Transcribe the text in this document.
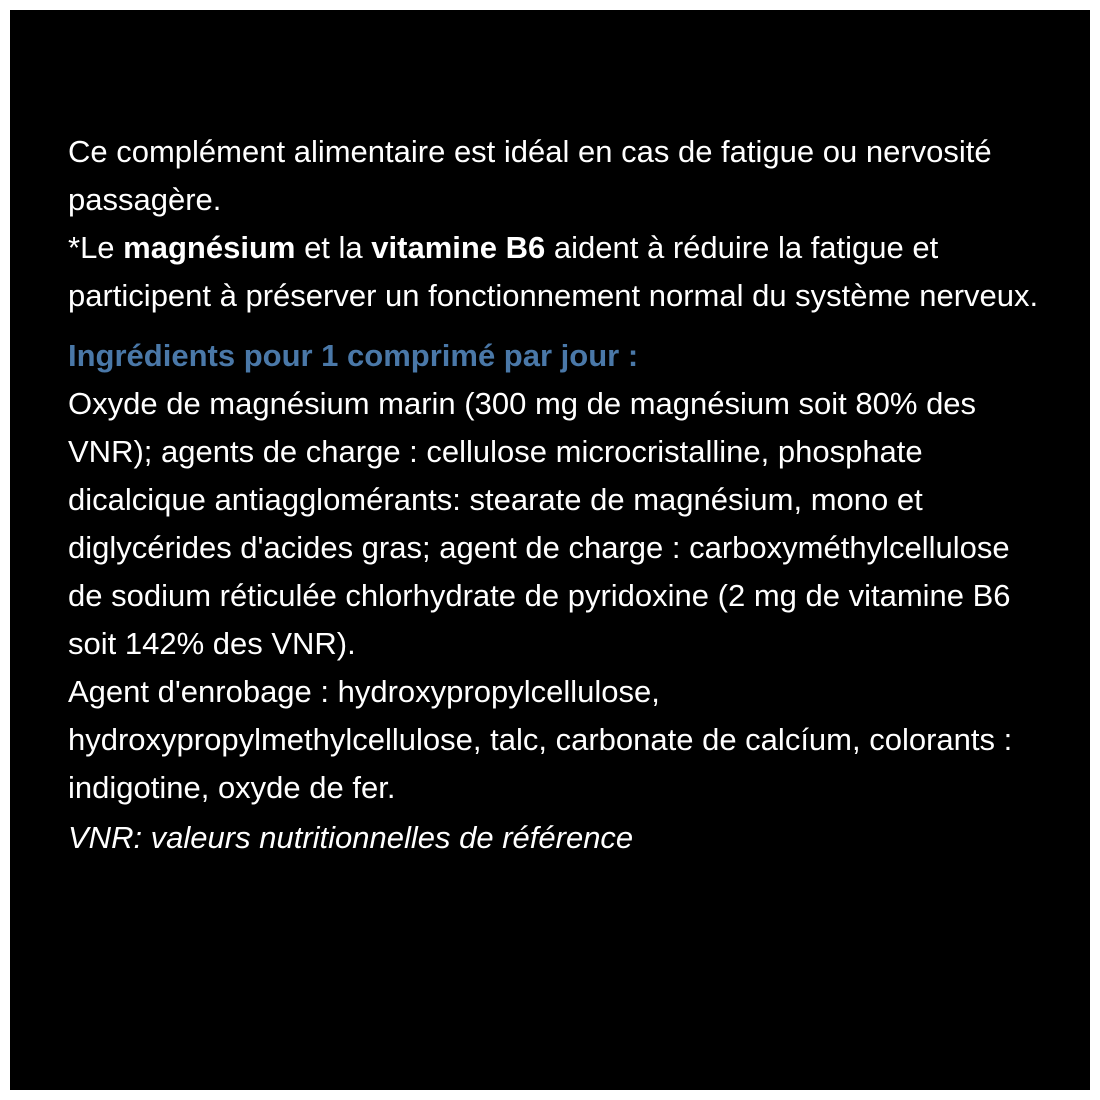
Ce complément alimentaire est idéal en cas de fatigue ou nervosité passagère.

*Le magnésium et la vitamine B6 aident à réduire la fatigue et participent à préserver un fonctionnement normal du système nerveux.

Ingrédients pour 1 comprimé par jour :

Oxyde de magnésium marin (300 mg de magnésium soit 80% des VNR); agents de charge : cellulose microcristalline, phosphate dicalcique antiagglomérants: stearate de magnésium, mono et diglycérides d'acides gras; agent de charge : carboxyméthylcellulose de sodium réticulée chlorhydrate de pyridoxine (2 mg de vitamine B6 soit 142% des VNR).

Agent d'enrobage : hydroxypropylcellulose, hydroxypropylmethylcellulose, talc, carbonate de calcíum, colorants : indigotine, oxyde de fer.

VNR: valeurs nutritionnelles de référence
